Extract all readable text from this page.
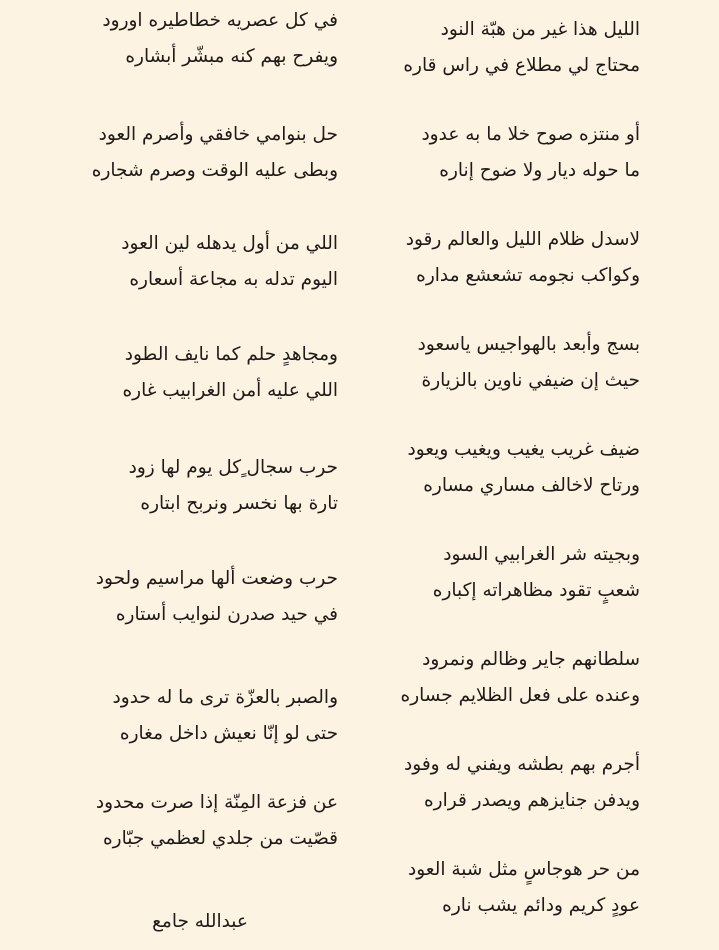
الليل هذا غير من هبّة النود
محتاج لي مطلاع في راس قاره
أو منتزه صوح خلا ما به عدود
ما حوله ديار ولا ضوح إناره
لاسدل ظلام الليل والعالم رقود
وكواكب نجومه تشعشع مداره
بسج وأبعد بالهواجيس ياسعود
حيث إن ضيفي ناوين بالزيارة
ضيف غريب يغيب ويغيب ويعود
ورتاح لاخالف مساري مساره
وبجيته شر الغرابيي السود
شعبٍ تقود مظاهراته إكباره
سلطانهم جاير وظالم ونمرود
وعنده على فعل الظلايم جساره
أجرم بهم بطشه ويفني له وفود
ويدفن جنايزهم ويصدر قراره
من حر هوجاسٍ مثل شبة العود
عودٍ كريم ودائم يشب ناره
في كل عصريه خطاطيره اورود
ويفرح بهم كنه مبشّر أبشاره
حل بنوامي خافقي وأصرم العود
وبطى عليه الوقت وصرم شجاره
اللي من أول يدهله لين العود
اليوم تدله به مجاعة أسعاره
ومجاهدٍ حلم كما نايف الطود
اللي عليه أمن الغرابيب غاره
حرب سجال ٍكل يوم لها زود
تارة بها نخسر ونربح ابتاره
حرب وضعت ألها مراسيم ولحود
في حيد صدرن لنوايب أستاره
والصبر بالعزّة ترى ما له حدود
حتى لو إنّا نعيش داخل مغاره
عن فزعة المِنّة إذا صرت محدود
قصّيت من جلدي لعظمي جبّاره
عبدالله جامع
